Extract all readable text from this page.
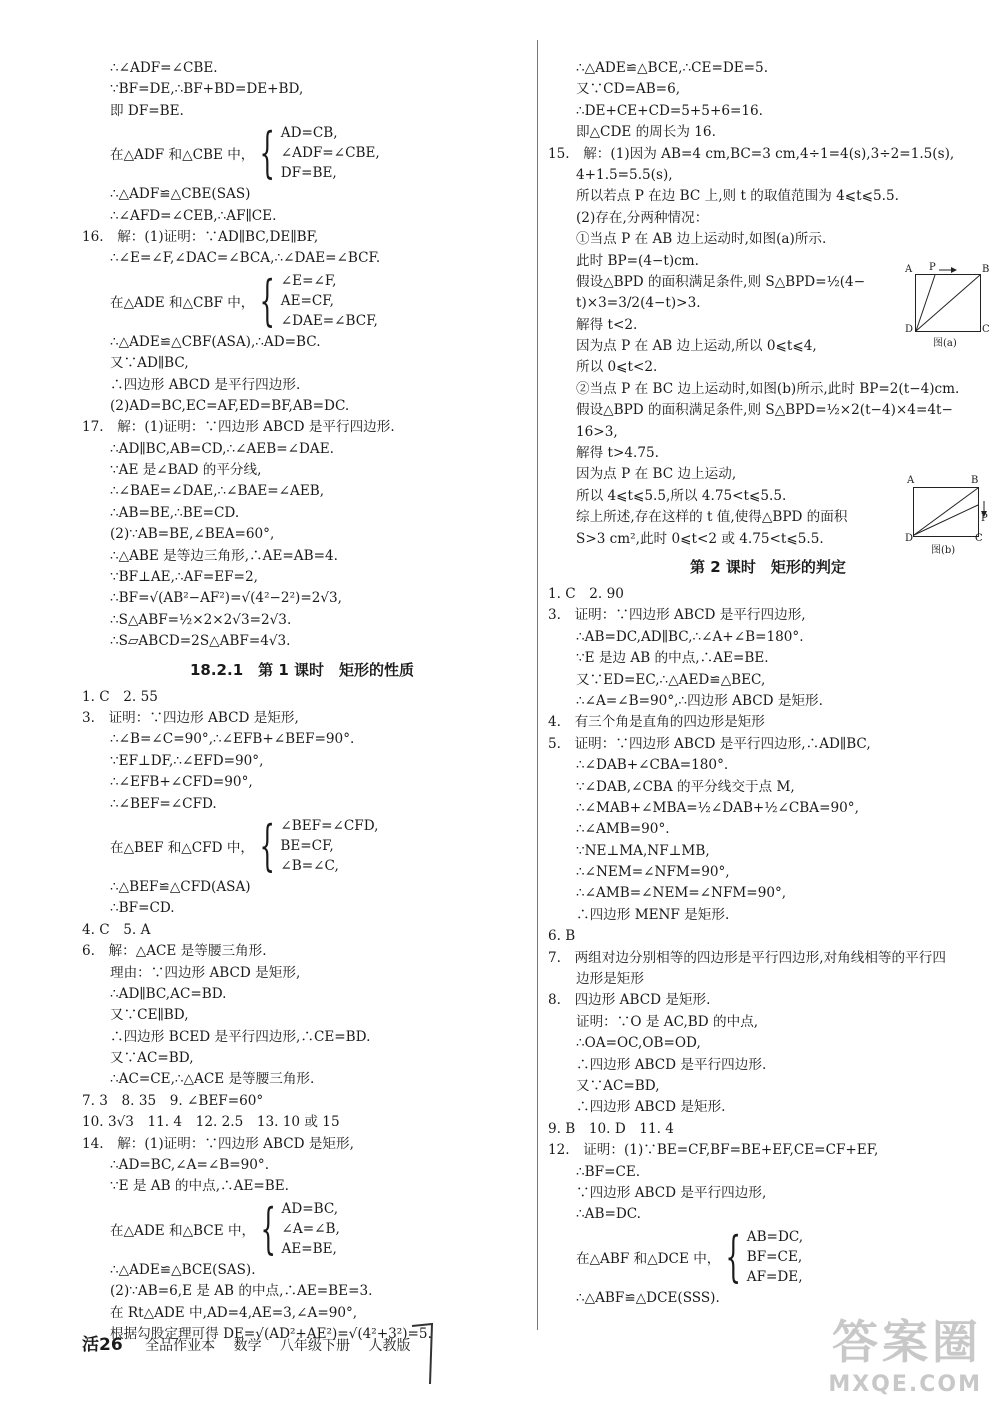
∴∠ADF=∠CBE.
∵BF=DE,∴BF+BD=DE+BD,
即 DF=BE.
在△ADF 和△CBE 中， { AD=CB,
∠ADF=∠CBE,
DF=BE,
∴△ADF≌△CBE(SAS)
∴∠AFD=∠CEB,∴AF∥CE.
16.　解：(1)证明：∵AD∥BC,DE∥BF,
∴∠E=∠F,∠DAC=∠BCA,∴∠DAE=∠BCF.
在△ADE 和△CBF 中， { ∠E=∠F,
AE=CF,
∠DAE=∠BCF,
∴△ADE≌△CBF(ASA),∴AD=BC.
又∵AD∥BC,
∴四边形 ABCD 是平行四边形.
(2)AD=BC,EC=AF,ED=BF,AB=DC.
17.　解：(1)证明：∵四边形 ABCD 是平行四边形.
∴AD∥BC,AB=CD,∴∠AEB=∠DAE.
∵AE 是∠BAD 的平分线,
∴∠BAE=∠DAE,∴∠BAE=∠AEB,
∴AB=BE,∴BE=CD.
(2)∵AB=BE,∠BEA=60°,
∴△ABE 是等边三角形,∴AE=AB=4.
∵BF⊥AE,∴AF=EF=2,
∴BF=√(AB²−AF²)=√(4²−2²)=2√3,
∴S△ABF=½×2×2√3=2√3.
∴S▱ABCD=2S△ABF=4√3.
18.2.1　第 1 课时　矩形的性质
1. C　2. 55
3.　证明：∵四边形 ABCD 是矩形,
∴∠B=∠C=90°,∴∠EFB+∠BEF=90°.
∵EF⊥DF,∴∠EFD=90°,
∴∠EFB+∠CFD=90°,
∴∠BEF=∠CFD.
在△BEF 和△CFD 中， { ∠BEF=∠CFD,
BE=CF,
∠B=∠C,
∴△BEF≌△CFD(ASA)
∴BF=CD.
4. C　5. A
6.　解：△ACE 是等腰三角形.
理由：∵四边形 ABCD 是矩形,
∴AD∥BC,AC=BD.
又∵CE∥BD,
∴四边形 BCED 是平行四边形,∴CE=BD.
又∵AC=BD,
∴AC=CE,∴△ACE 是等腰三角形.
7. 3　8. 35　9. ∠BEF=60°
10. 3√3　11. 4　12. 2.5　13. 10 或 15
14.　解：(1)证明：∵四边形 ABCD 是矩形,
∴AD=BC,∠A=∠B=90°.
∵E 是 AB 的中点,∴AE=BE.
在△ADE 和△BCE 中， { AD=BC,
∠A=∠B,
AE=BE,
∴△ADE≌△BCE(SAS).
(2)∵AB=6,E 是 AB 的中点,∴AE=BE=3.
在 Rt△ADE 中,AD=4,AE=3,∠A=90°,
根据勾股定理可得 DE=√(AD²+AE²)=√(4²+3²)=5.
∴△ADE≌△BCE,∴CE=DE=5.
又∵CD=AB=6,
∴DE+CE+CD=5+5+6=16.
即△CDE 的周长为 16.
15.　解：(1)因为 AB=4 cm,BC=3 cm,4÷1=4(s),3÷2=1.5(s),
4+1.5=5.5(s),
所以若点 P 在边 BC 上,则 t 的取值范围为 4⩽t⩽5.5.
(2)存在,分两种情况：
①当点 P 在 AB 边上运动时,如图(a)所示.
此时 BP=(4−t)cm.
假设△BPD 的面积满足条件,则 S△BPD=½(4−
t)×3=3/2(4−t)>3.
解得 t<2.
因为点 P 在 AB 边上运动,所以 0⩽t⩽4,
所以 0⩽t<2.
②当点 P 在 BC 边上运动时,如图(b)所示,此时 BP=2(t−4)cm.
假设△BPD 的面积满足条件,则 S△BPD=½×2(t−4)×4=4t−
16>3,
解得 t>4.75.
因为点 P 在 BC 边上运动,
所以 4⩽t⩽5.5,所以 4.75<t⩽5.5.
综上所述,存在这样的 t 值,使得△BPD 的面积
S>3 cm²,此时 0⩽t<2 或 4.75<t⩽5.5.
第 2 课时　矩形的判定
1. C　2. 90
3.　证明：∵四边形 ABCD 是平行四边形,
∴AB=DC,AD∥BC,∴∠A+∠B=180°.
∵E 是边 AB 的中点,∴AE=BE.
又∵ED=EC,∴△AED≌△BEC,
∴∠A=∠B=90°,∴四边形 ABCD 是矩形.
4.　有三个角是直角的四边形是矩形
5.　证明：∵四边形 ABCD 是平行四边形,∴AD∥BC,
∴∠DAB+∠CBA=180°.
∵∠DAB,∠CBA 的平分线交于点 M,
∴∠MAB+∠MBA=½∠DAB+½∠CBA=90°,
∴∠AMB=90°.
∵NE⊥MA,NF⊥MB,
∴∠NEM=∠NFM=90°,
∴∠AMB=∠NEM=∠NFM=90°,
∴四边形 MENF 是矩形.
6. B
7.　两组对边分别相等的四边形是平行四边形,对角线相等的平行四
边形是矩形
8.　四边形 ABCD 是矩形.
证明：∵O 是 AC,BD 的中点,
∴OA=OC,OB=OD,
∴四边形 ABCD 是平行四边形.
又∵AC=BD,
∴四边形 ABCD 是矩形.
9. B　10. D　11. 4
12.　证明：(1)∵BE=CF,BF=BE+EF,CE=CF+EF,
∴BF=CE.
∵四边形 ABCD 是平行四边形,
∴AB=DC.
在△ABF 和△DCE 中， { AB=DC,
BF=CE,
AF=DE,
∴△ABF≌△DCE(SSS).
A P	B
D	C
图(a)
A	B
P
D	C
图(b)
活26 全品作业本 数学 八年级下册 人教版	答案圈
MXQE.COM
